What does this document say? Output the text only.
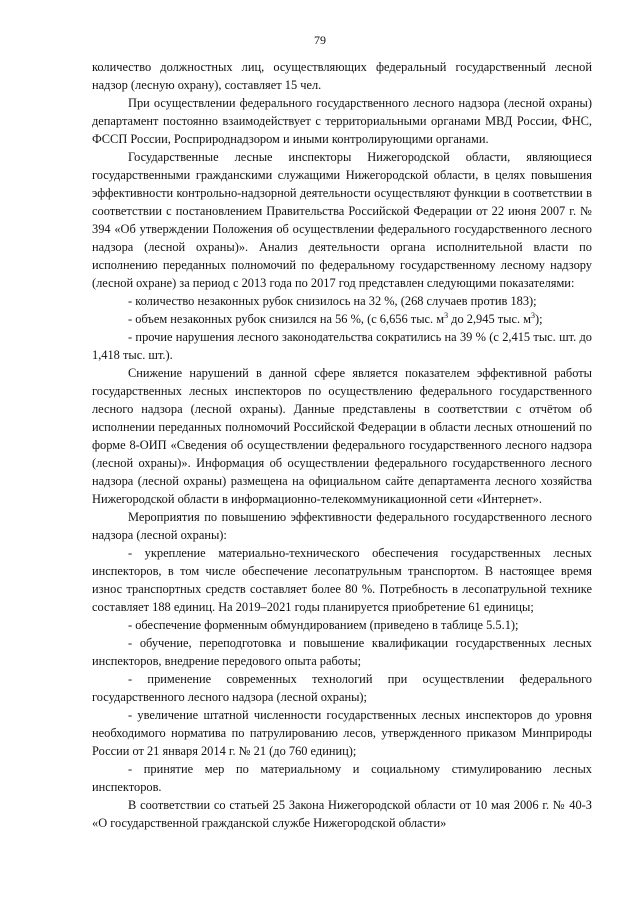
79

количество должностных лиц, осуществляющих федеральный государственный лесной надзор (лесную охрану), составляет 15 чел.

При осуществлении федерального государственного лесного надзора (лесной охраны) департамент постоянно взаимодействует с территориальными органами МВД России, ФНС, ФССП России, Росприроднадзором и иными контролирующими органами.

Государственные лесные инспекторы Нижегородской области, являющиеся государственными гражданскими служащими Нижегородской области, в целях повышения эффективности контрольно-надзорной деятельности осуществляют функции в соответствии в соответствии с постановлением Правительства Российской Федерации от 22 июня 2007 г. № 394 «Об утверждении Положения об осуществлении федерального государственного лесного надзора (лесной охраны)». Анализ деятельности органа исполнительной власти по исполнению переданных полномочий по федеральному государственному лесному надзору (лесной охране) за период с 2013 года по 2017 год представлен следующими показателями:

- количество незаконных рубок снизилось на 32 %, (268 случаев против 183);

- объем незаконных рубок снизился на 56 %, (с 6,656 тыс. $м^3$ до 2,945 тыс. $м^3$);

- прочие нарушения лесного законодательства сократились на 39 % (с 2,415 тыс. шт. до 1,418 тыс. шт.).

Снижение нарушений в данной сфере является показателем эффективной работы государственных лесных инспекторов по осуществлению федерального государственного лесного надзора (лесной охраны). Данные представлены в соответствии с отчётом об исполнении переданных полномочий Российской Федерации в области лесных отношений по форме 8-ОИП «Сведения об осуществлении федерального государственного лесного надзора (лесной охраны)». Информация об осуществлении федерального государственного лесного надзора (лесной охраны) размещена на официальном сайте департамента лесного хозяйства Нижегородской области в информационно-телекоммуникационной сети «Интернет».

Мероприятия по повышению эффективности федерального государственного лесного надзора (лесной охраны):

- укрепление материально-технического обеспечения государственных лесных инспекторов, в том числе обеспечение лесопатрульным транспортом. В настоящее время износ транспортных средств составляет более 80 %. Потребность в лесопатрульной технике составляет 188 единиц. На 2019–2021 годы планируется приобретение 61 единицы;

- обеспечение форменным обмундированием (приведено в таблице 5.5.1);

- обучение, переподготовка и повышение квалификации государственных лесных инспекторов, внедрение передового опыта работы;

- применение современных технологий при осуществлении федерального государственного лесного надзора (лесной охраны);

- увеличение штатной численности государственных лесных инспекторов до уровня необходимого норматива по патрулированию лесов, утвержденного приказом Минприроды России от 21 января 2014 г. № 21 (до 760 единиц);

- принятие мер по материальному и социальному стимулированию лесных инспекторов.

В соответствии со статьей 25 Закона Нижегородской области от 10 мая 2006 г. № 40-З «О государственной гражданской службе Нижегородской области»
